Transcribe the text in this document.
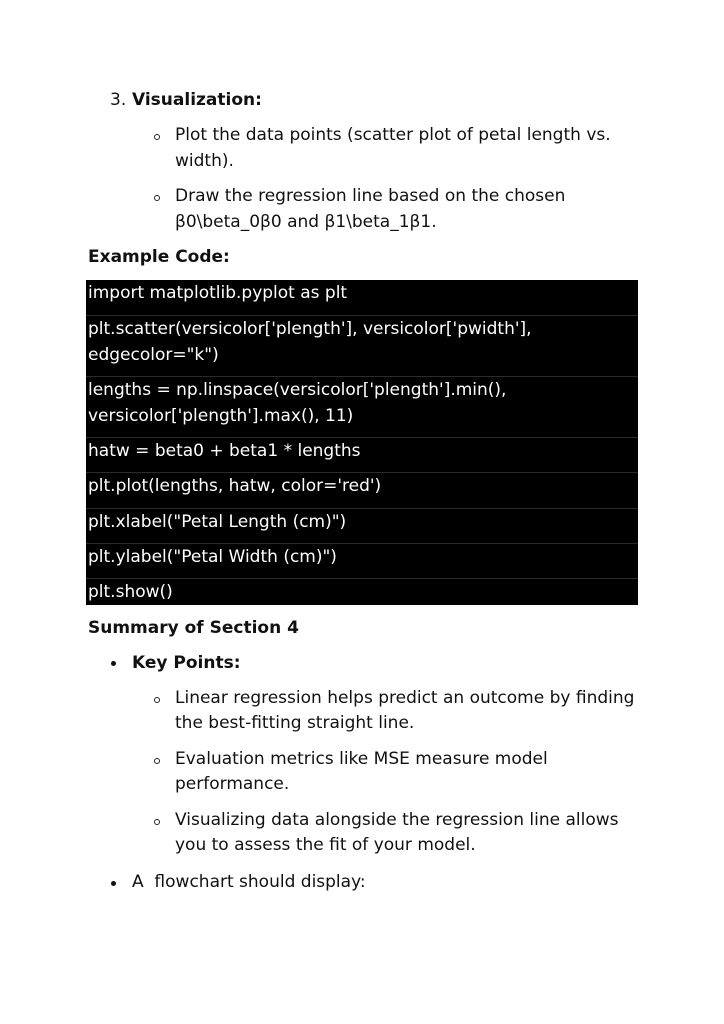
3. Visualization:
Plot the data points (scatter plot of petal length vs.
width).
Draw the regression line based on the chosen
β0\beta_0β0 and β1\beta_1β1.
Example Code:
import matplotlib.pyplot as plt
plt.scatter(versicolor['plength'], versicolor['pwidth'],
edgecolor="k")
lengths = np.linspace(versicolor['plength'].min(),
versicolor['plength'].max(), 11)
hatw = beta0 + beta1 * lengths
plt.plot(lengths, hatw, color='red')
plt.xlabel("Petal Length (cm)")
plt.ylabel("Petal Width (cm)")
plt.show()
Summary of Section 4
Key Points:
Linear regression helps predict an outcome by finding
the best-fitting straight line.
Evaluation metrics like MSE measure model
performance.
Visualizing data alongside the regression line allows
you to assess the fit of your model.
A  flowchart should display:
